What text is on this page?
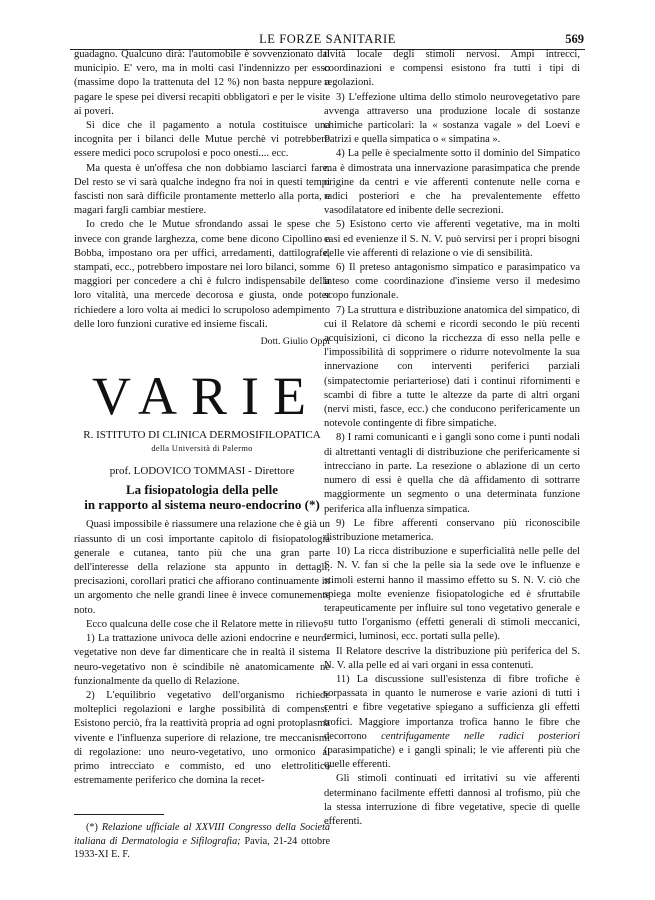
LE FORZE SANITARIE	569

guadagno. Qualcuno dirà: l'automobile è sovvenzionato dal municipio. E' vero, ma in molti casi l'indennizzo per esso (massime dopo la trattenuta del 12 %) non basta neppure a pagare le spese pei diversi recapiti obbligatori e per le visite ai poveri.

Si dice che il pagamento a notula costituisce una incognita per i bilanci delle Mutue perchè vi potrebbero essere medici poco scrupolosi e poco onesti.... ecc.

Ma questa è un'offesa che non dobbiamo lasciarci fare. Del resto se vi sarà qualche indegno fra noi in questi tempi fascisti non sarà difficile prontamente metterlo alla porta, e magari fargli cambiar mestiere.

Io credo che le Mutue sfrondando assai le spese che invece con grande larghezza, come bene dicono Cipollino e Bobba, impostano ora per uffici, arredamenti, dattilografe, stampati, ecc., potrebbero impostare nei loro bilanci, somme maggiori per concedere a chi è fulcro indispensabile della loro vitalità, una mercede decorosa e giusta, onde poter richiedere a loro volta ai medici lo scrupoloso adempimento delle loro funzioni curative ed insieme fiscali.

Dott. Giulio Oppi

VARIE

R. ISTITUTO DI CLINICA DERMOSIFILOPATICA

della Università di Palermo

prof. LODOVICO TOMMASI - Direttore

La fisiopatologia della pelle

in rapporto al sistema neuro-endocrino (*)

Quasi impossibile è riassumere una relazione che è già un riassunto di un così importante capitolo di fisiopatologia generale e cutanea, tanto più che una gran parte dell'interesse della relazione sta appunto in dettagli, precisazioni, corollari pratici che affiorano continuamente in un argomento che nelle grandi linee è invece comunemente noto.

Ecco qualcuna delle cose che il Relatore mette in rilievo:

1) La trattazione univoca delle azioni endocrine e neuro-vegetative non deve far dimenticare che in realtà il sistema neuro-vegetativo non è scindibile nè anatomicamente nè funzionalmente da quello di Relazione.

2) L'equilibrio vegetativo dell'organismo richiede molteplici regolazioni e larghe possibilità di compensi. Esistono perciò, fra la reattività propria ad ogni protoplasma vivente e l'influenza superiore di relazione, tre meccanismi di regolazione: uno neuro-vegetativo, uno ormonico al primo intrecciato e commisto, ed uno elettrolitico estremamente periferico che domina la recet-

(*) Relazione ufficiale al XXVIII Congresso della Società italiana di Dermatologia e Sifilografia; Pavia, 21-24 ottobre 1933-XI E. F.

tività locale degli stimoli nervosi. Ampi intrecci, coordinazioni e compensi esistono fra tutti i tipi di regolazioni.

3) L'effezione ultima dello stimolo neurovegetativo pare avvenga attraverso una produzione locale di sostanze chimiche particolari: la « sostanza vagale » del Loevi e Patrizi e quella simpatica o « simpatina ».

4) La pelle è specialmente sotto il dominio del Simpatico ma è dimostrata una innervazione parasimpatica che prende origine da centri e vie afferenti contenute nelle corna e radici posteriori e che ha prevalentemente effetto vasodilatatore ed inibente delle secrezioni.

5) Esistono certo vie afferenti vegetative, ma in molti casi ed evenienze il S. N. V. può servirsi per i propri bisogni delle vie afferenti di relazione o vie di sensibilità.

6) Il preteso antagonismo simpatico e parasimpatico va inteso come coordinazione d'insieme verso il medesimo scopo funzionale.

7) La struttura e distribuzione anatomica del simpatico, di cui il Relatore dà schemi e ricordi secondo le più recenti acquisizioni, ci dicono la ricchezza di esso nella pelle e l'impossibilità di sopprimere o ridurre notevolmente la sua innervazione con interventi periferici parziali (simpatectomie periarteriose) dati i continui rifornimenti e scambi di fibre a tutte le altezze da parte di altri organi (nervi misti, fasce, ecc.) che conducono perifericamente un notevole contingente di fibre simpatiche.

8) I rami comunicanti e i gangli sono come i punti nodali di altrettanti ventagli di distribuzione che perifericamente si intrecciano in parte. La resezione o ablazione di un certo numero di essi è quella che dà affidamento di sottrarre maggiormente un segmento o una determinata funzione periferica alla influenza simpatica.

9) Le fibre afferenti conservano più riconoscibile distribuzione metamerica.

10) La ricca distribuzione e superficialità nelle pelle del S. N. V. fan sì che la pelle sia la sede ove le influenze e stimoli esterni hanno il massimo effetto su S. N. V. ciò che spiega molte evenienze fisiopatologiche ed è sfruttabile terapeuticamente per influire sul tono vegetativo generale e su tutto l'organismo (effetti generali di stimoli meccanici, termici, luminosi, ecc. portati sulla pelle).

Il Relatore descrive la distribuzione più periferica del S. N. V. alla pelle ed ai vari organi in essa contenuti.

11) La discussione sull'esistenza di fibre trofiche è sorpassata in quanto le numerose e varie azioni di tutti i centri e fibre vegetative spiegano a sufficienza gli effetti trofici. Maggiore importanza trofica hanno le fibre che decorrono centrifugamente nelle radici posteriori (parasimpatiche) e i gangli spinali; le vie afferenti più che quelle efferenti.

Gli stimoli continuati ed irritativi su vie afferenti determinano facilmente effetti dannosi al trofismo, più che la stessa interruzione di fibre vegetative, specie di quelle efferenti.
